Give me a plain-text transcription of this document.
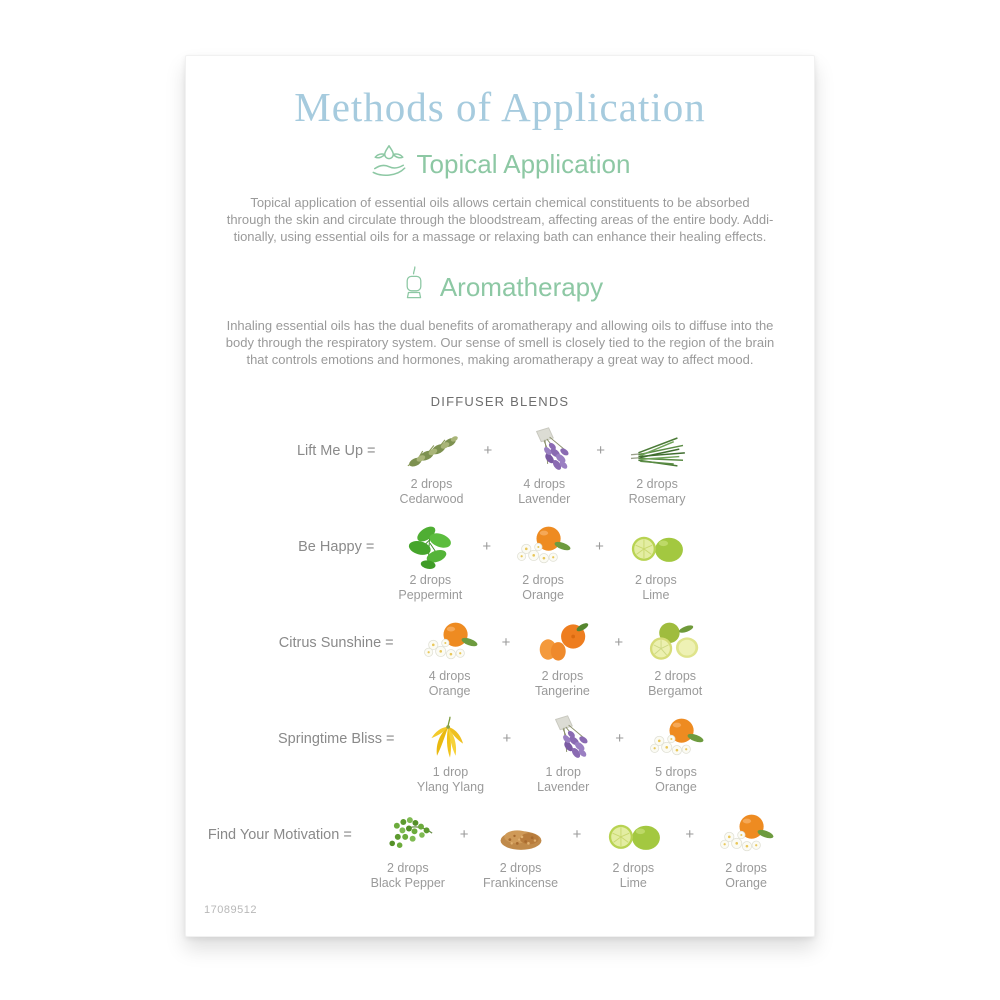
Methods of Application
Topical Application
Topical application of essential oils allows certain chemical constituents to be absorbed
through the skin and circulate through the bloodstream, affecting areas of the entire body. Addi-
tionally, using essential oils for a massage or relaxing bath can enhance their healing effects.
Aromatherapy
Inhaling essential oils has the dual benefits of aromatherapy and allowing oils to diffuse into the
body through the respiratory system. Our sense of smell is closely tied to the region of the brain
that controls emotions and hormones, making aromatherapy a great way to affect mood.
DIFFUSER BLENDS
Lift Me Up =
2 drops
Cedarwood
+
4 drops
Lavender
+
2 drops
Rosemary
Be Happy =
2 drops
Peppermint
+
2 drops
Orange
+
2 drops
Lime
Citrus Sunshine =
4 drops
Orange
+
2 drops
Tangerine
+
2 drops
Bergamot
Springtime Bliss =
1 drop
Ylang Ylang
+
1 drop
Lavender
+
5 drops
Orange
Find Your Motivation =
2 drops
Black Pepper
+
2 drops
Frankincense
+
2 drops
Lime
+
2 drops
Orange
17089512
